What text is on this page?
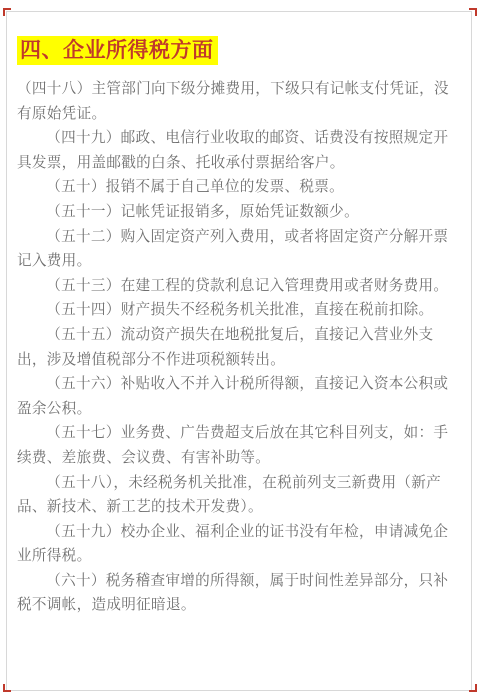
四、企业所得税方面

（四十八）主管部门向下级分摊费用，下级只有记帐支付凭证，没有原始凭证。

（四十九）邮政、电信行业收取的邮资、话费没有按照规定开具发票，用盖邮戳的白条、托收承付票据给客户。

（五十）报销不属于自己单位的发票、税票。

（五十一）记帐凭证报销多，原始凭证数额少。

（五十二）购入固定资产列入费用，或者将固定资产分解开票记入费用。

（五十三）在建工程的贷款利息记入管理费用或者财务费用。

（五十四）财产损失不经税务机关批准，直接在税前扣除。

（五十五）流动资产损失在地税批复后，直接记入营业外支出，涉及增值税部分不作进项税额转出。

（五十六）补贴收入不并入计税所得额，直接记入资本公积或盈余公积。

（五十七）业务费、广告费超支后放在其它科目列支，如：手续费、差旅费、会议费、有害补助等。

（五十八），未经税务机关批准，在税前列支三新费用（新产品、新技术、新工艺的技术开发费）。

（五十九）校办企业、福利企业的证书没有年检，申请减免企业所得税。

（六十）税务稽查审增的所得额，属于时间性差异部分，只补税不调帐，造成明征暗退。
